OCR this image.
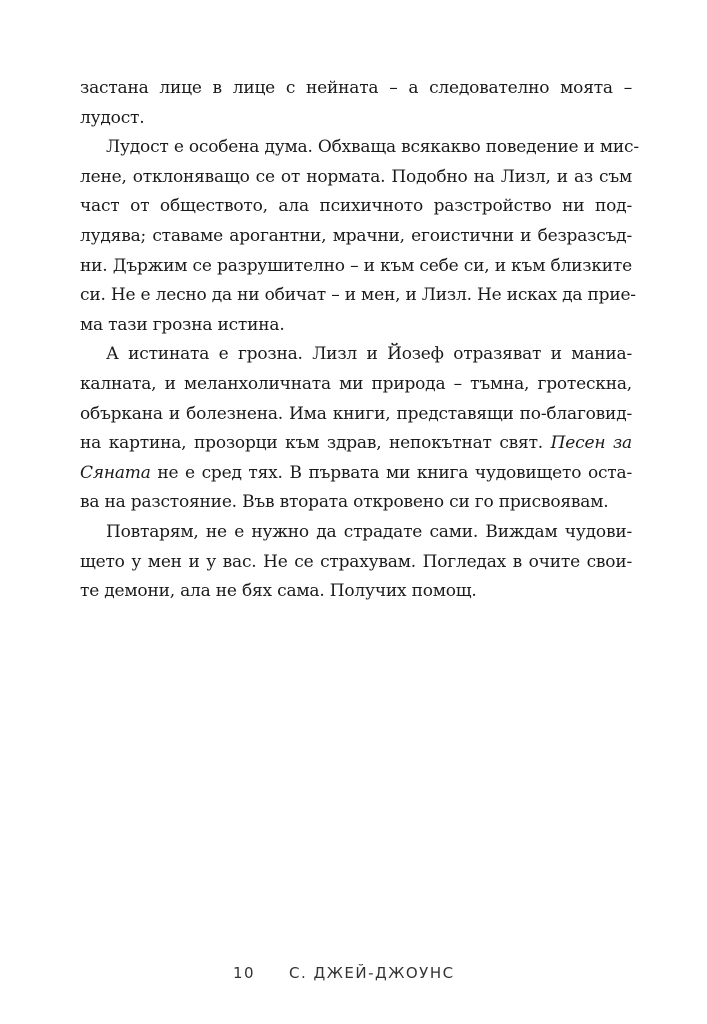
застана лице в лице с нейната – а следователно моята –
лудост.
Лудост е особена дума. Обхваща всякакво поведение и мис-
лене, отклоняващо се от нормата. Подобно на Лизл, и аз съм
част от обществото, ала психичното разстройство ни под-
лудява; ставаме арогантни, мрачни, егоистични и безразсъд-
ни. Държим се разрушително – и към себе си, и към близките
си. Не е лесно да ни обичат – и мен, и Лизл. Не исках да прие-
ма тази грозна истина.
А истината е грозна. Лизл и Йозеф отразяват и маниа-
калната, и меланхоличната ми природа – тъмна, гротескна,
объркана и болезнена. Има книги, представящи по-благовид-
на картина, прозорци към здрав, непокътнат свят. Песен за
Сяната не е сред тях. В първата ми книга чудовището оста-
ва на разстояние. Във втората откровено си го присвоявам.
Повтарям, не е нужно да страдате сами. Виждам чудови-
щето у мен и у вас. Не се страхувам. Погледах в очите свои-
те демони, ала не бях сама. Получих помощ.
10 С. ДЖЕЙ-ДЖОУНС
